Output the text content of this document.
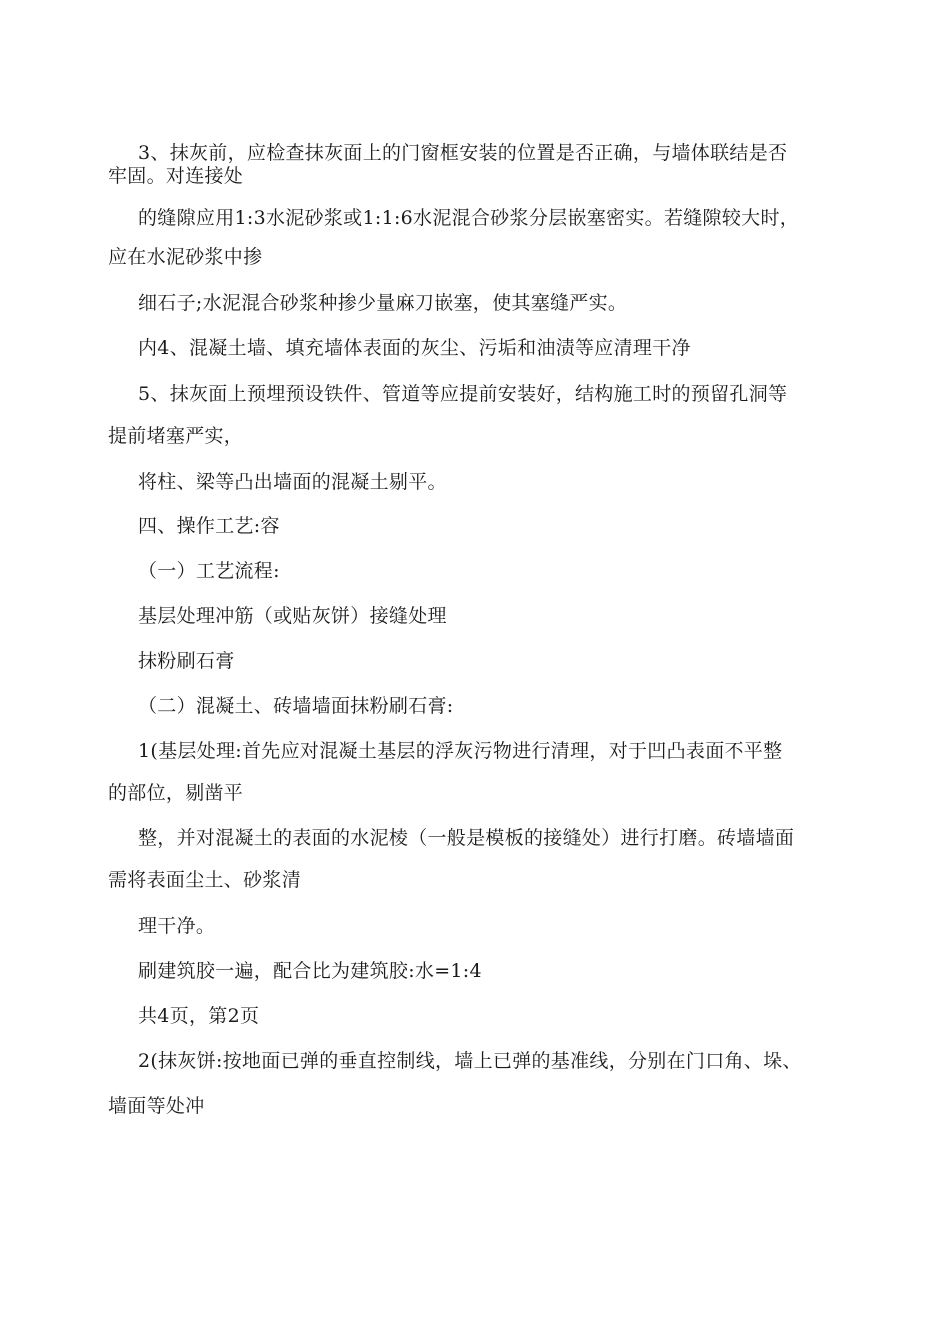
3、抹灰前，应检查抹灰面上的门窗框安装的位置是否正确，与墙体联结是否
牢固。对连接处
的缝隙应用1:3水泥砂浆或1:1:6水泥混合砂浆分层嵌塞密实。若缝隙较大时，
应在水泥砂浆中掺
细石子;水泥混合砂浆种掺少量麻刀嵌塞，使其塞缝严实。
内4、混凝土墙、填充墙体表面的灰尘、污垢和油渍等应清理干净
5、抹灰面上预埋预设铁件、管道等应提前安装好，结构施工时的预留孔洞等
提前堵塞严实，
将柱、梁等凸出墙面的混凝土剔平。
四、操作工艺:容
（一）工艺流程:
基层处理冲筋（或贴灰饼）接缝处理
抹粉刷石膏
（二）混凝土、砖墙墙面抹粉刷石膏:
1(基层处理:首先应对混凝土基层的浮灰污物进行清理，对于凹凸表面不平整
的部位，剔凿平
整，并对混凝土的表面的水泥棱（一般是模板的接缝处）进行打磨。砖墙墙面
需将表面尘土、砂浆清
理干净。
刷建筑胶一遍，配合比为建筑胶:水=1:4
共4页，第2页
2(抹灰饼:按地面已弹的垂直控制线，墙上已弹的基准线，分别在门口角、垛、
墙面等处冲
